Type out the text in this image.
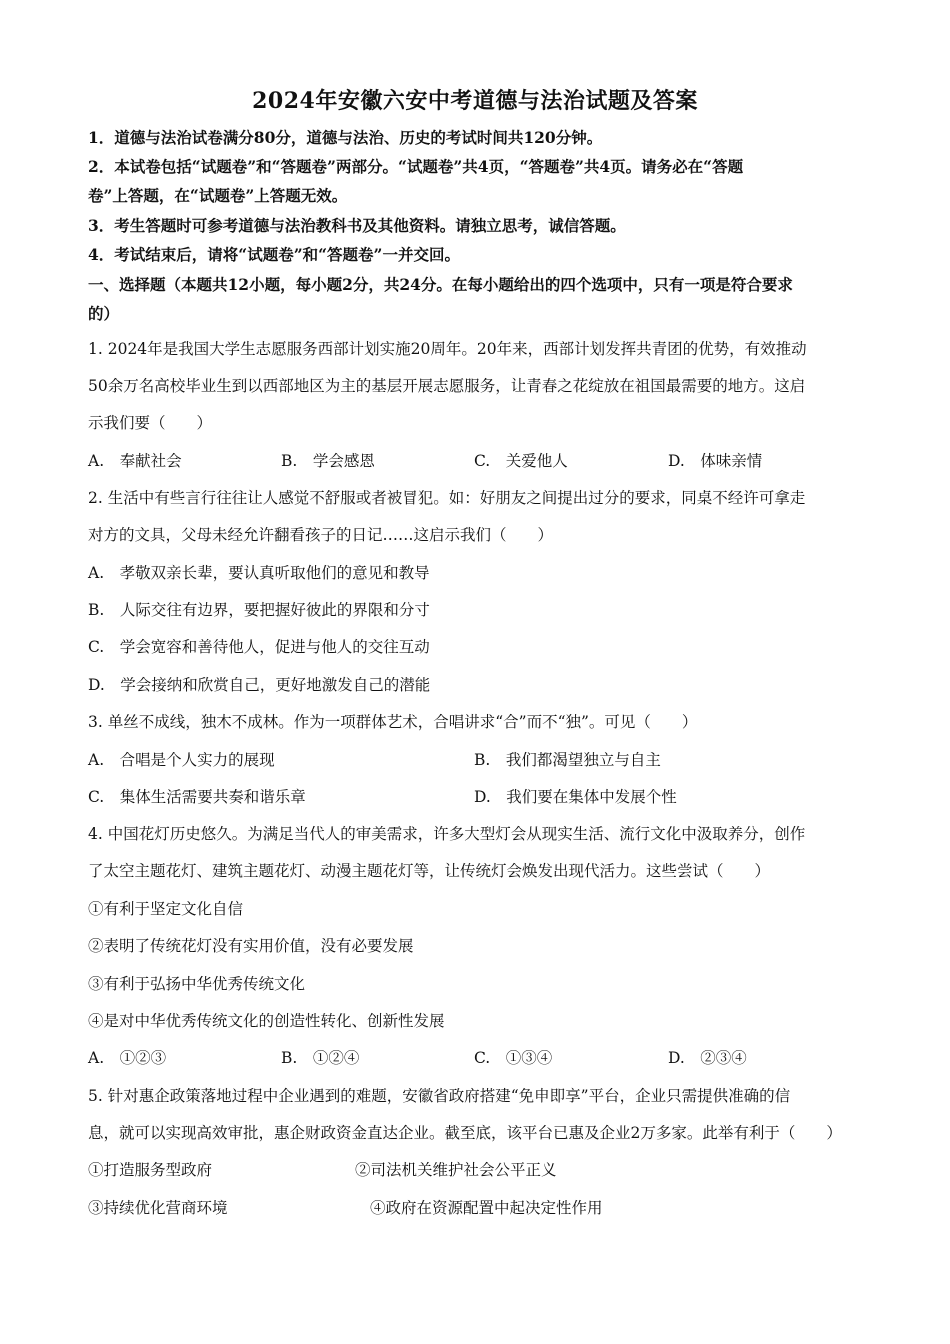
2024年安徽六安中考道德与法治试题及答案
1．道德与法治试卷满分80分，道德与法治、历史的考试时间共120分钟。
2．本试卷包括“试题卷”和“答题卷”两部分。“试题卷”共4页，“答题卷”共4页。请务必在“答题
卷”上答题，在“试题卷”上答题无效。
3．考生答题时可参考道德与法治教科书及其他资料。请独立思考，诚信答题。
4．考试结束后，请将“试题卷”和“答题卷”一并交回。
一、选择题（本题共12小题，每小题2分，共24分。在每小题给出的四个选项中，只有一项是符合要求
的）
1. 2024年是我国大学生志愿服务西部计划实施20周年。20年来，西部计划发挥共青团的优势，有效推动
50余万名高校毕业生到以西部地区为主的基层开展志愿服务，让青春之花绽放在祖国最需要的地方。这启
示我们要（　　）
A.　奉献社会	B.　学会感恩	C.　关爱他人	D.　体味亲情
2. 生活中有些言行往往让人感觉不舒服或者被冒犯。如：好朋友之间提出过分的要求，同桌不经许可拿走
对方的文具，父母未经允许翻看孩子的日记……这启示我们（　　）
A.　孝敬双亲长辈，要认真听取他们的意见和教导
B.　人际交往有边界，要把握好彼此的界限和分寸
C.　学会宽容和善待他人，促进与他人的交往互动
D.　学会接纳和欣赏自己，更好地激发自己的潜能
3. 单丝不成线，独木不成林。作为一项群体艺术，合唱讲求“合”而不“独”。可见（　　）
A.　合唱是个人实力的展现	B.　我们都渴望独立与自主
C.　集体生活需要共奏和谐乐章	D.　我们要在集体中发展个性
4. 中国花灯历史悠久。为满足当代人的审美需求，许多大型灯会从现实生活、流行文化中汲取养分，创作
了太空主题花灯、建筑主题花灯、动漫主题花灯等，让传统灯会焕发出现代活力。这些尝试（　　）
①有利于坚定文化自信
②表明了传统花灯没有实用价值，没有必要发展
③有利于弘扬中华优秀传统文化
④是对中华优秀传统文化的创造性转化、创新性发展
A.　①②③	B.　①②④	C.　①③④	D.　②③④
5. 针对惠企政策落地过程中企业遇到的难题，安徽省政府搭建“免申即享”平台，企业只需提供准确的信
息，就可以实现高效审批，惠企财政资金直达企业。截至底，该平台已惠及企业2万多家。此举有利于（　　）
①打造服务型政府	②司法机关维护社会公平正义
③持续优化营商环境	④政府在资源配置中起决定性作用
